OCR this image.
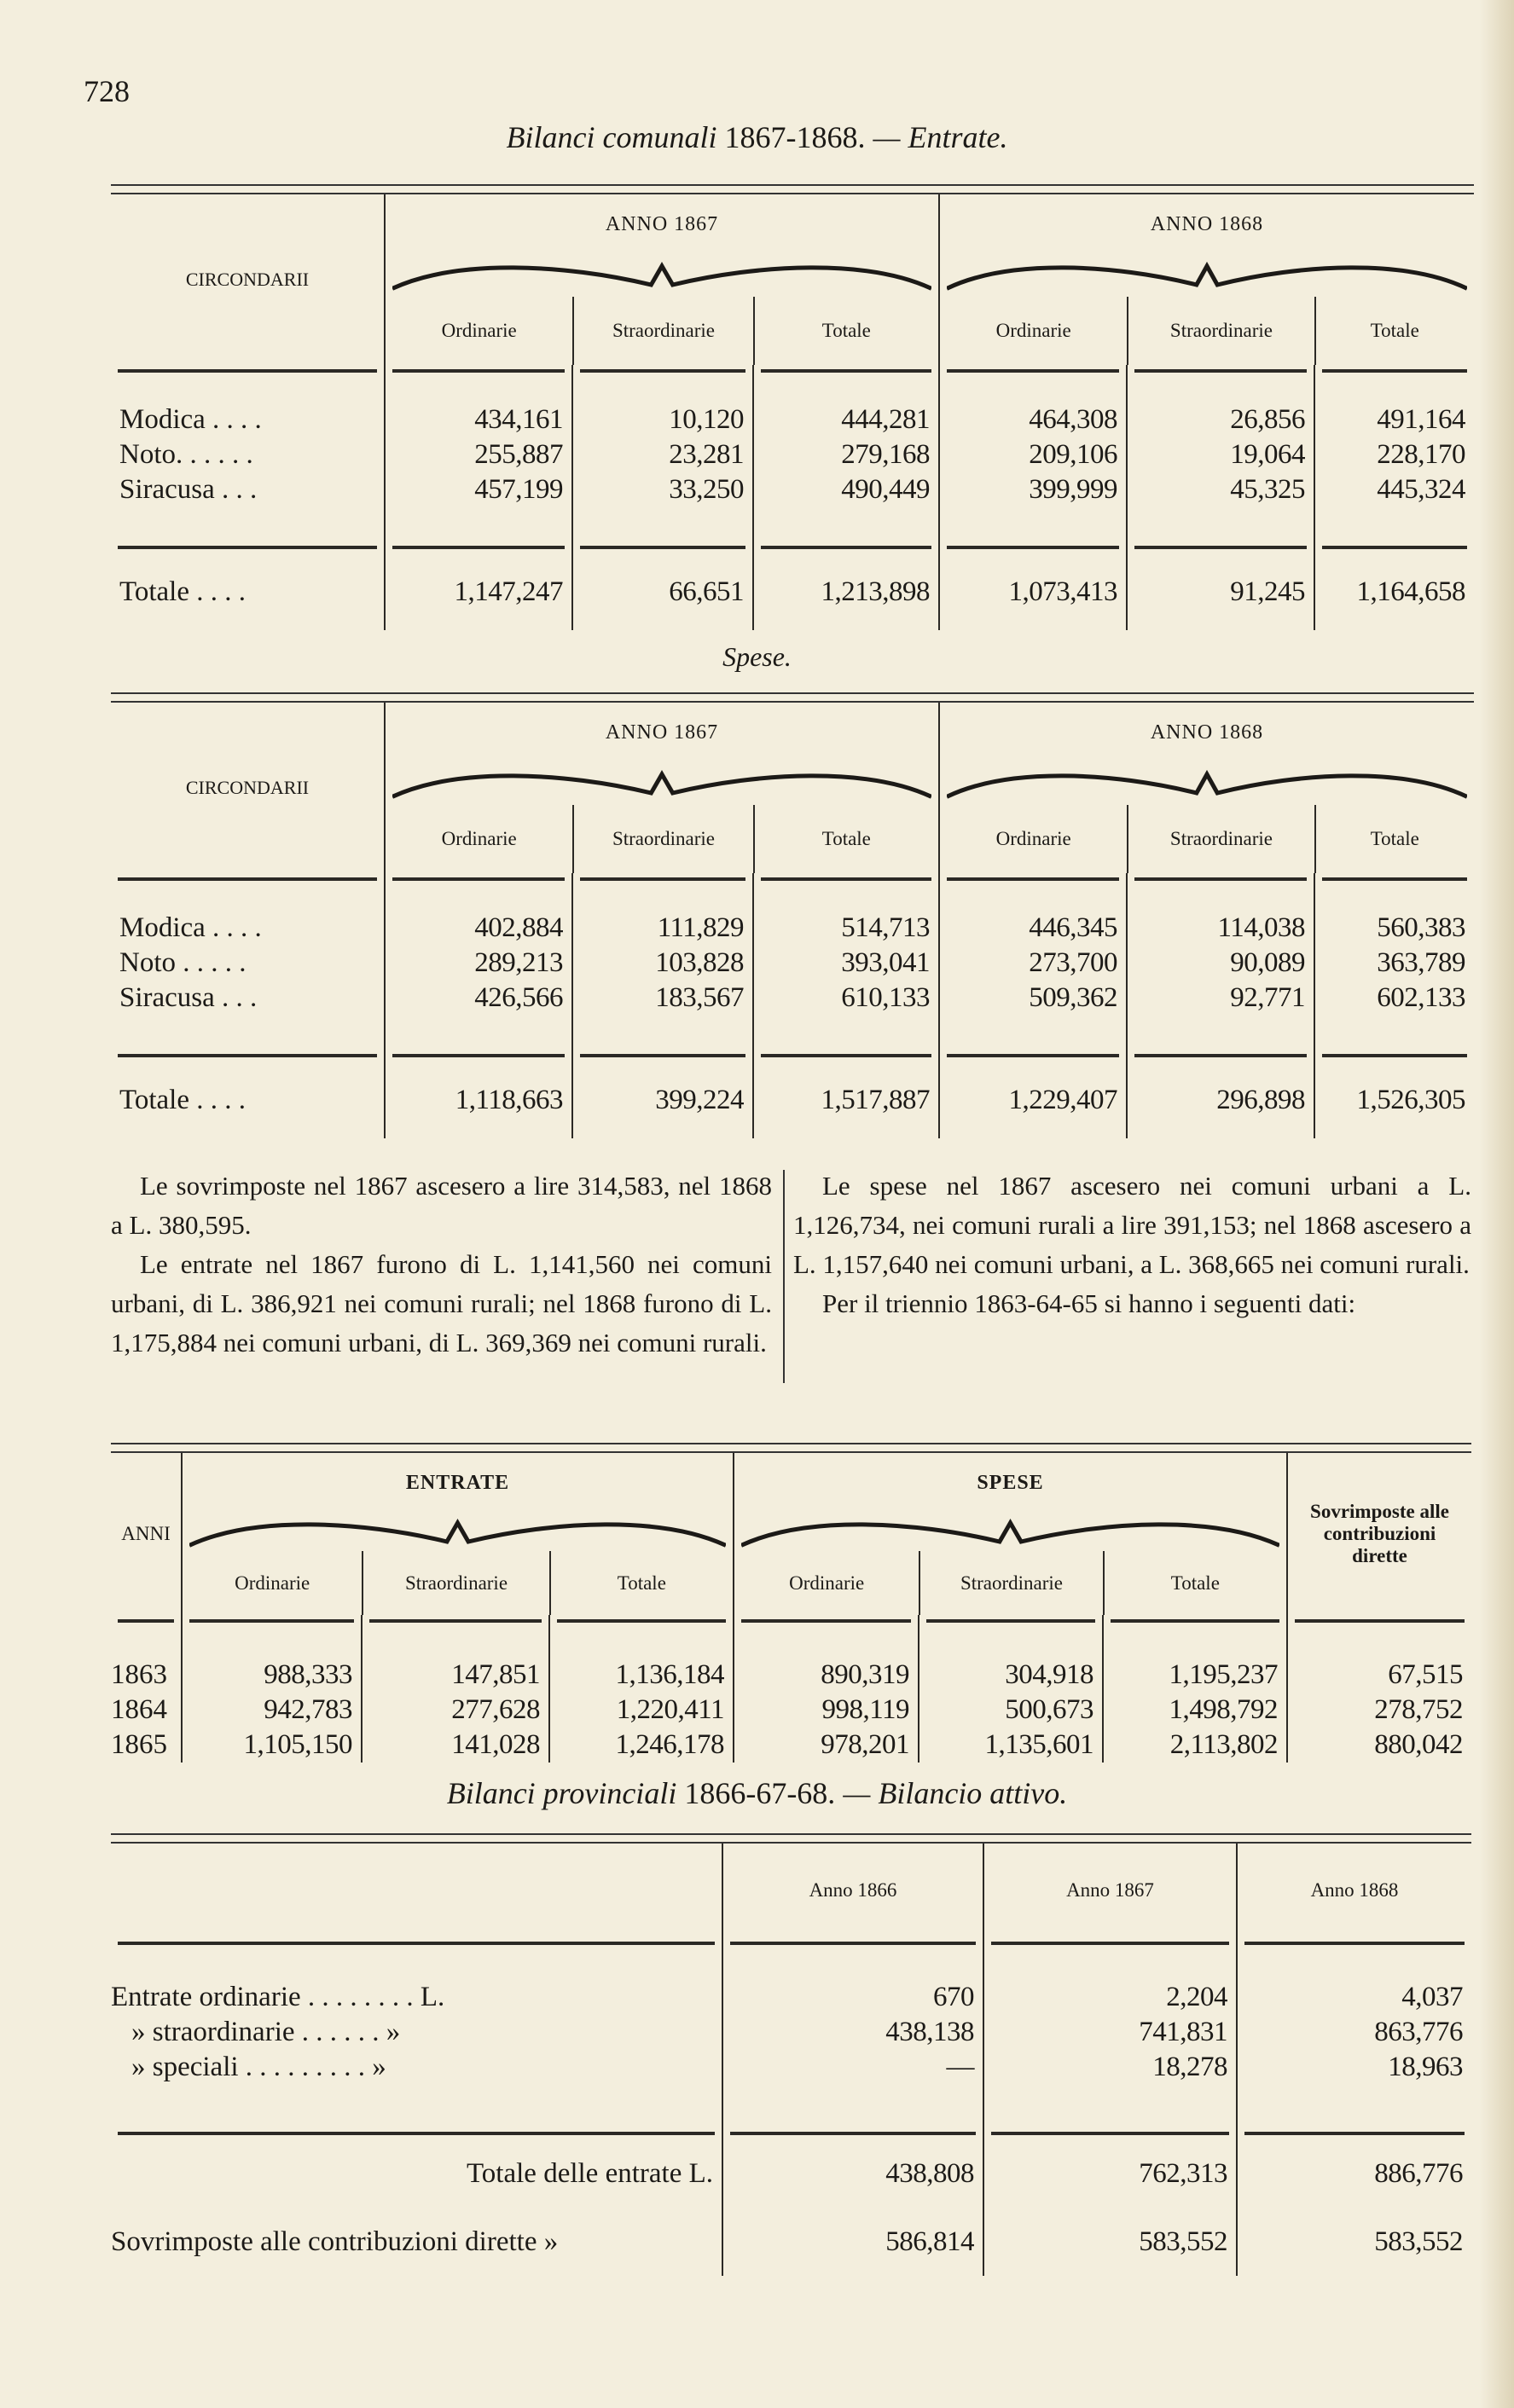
728
Bilanci comunali 1867-1868. — Entrate.
CIRCONDARII
ANNO 1867
Ordinarie	Straordinarie	Totale
ANNO 1868
Ordinarie	Straordinarie	Totale
Modica . . . .	434,161	10,120	444,281	464,308	26,856	491,164
Noto. . . . . .	255,887	23,281	279,168	209,106	19,064	228,170
Siracusa . . .	457,199	33,250	490,449	399,999	45,325	445,324
Totale . . . .	1,147,247	66,651	1,213,898	1,073,413	91,245	1,164,658
Spese.
CIRCONDARII
ANNO 1867
Ordinarie	Straordinarie	Totale
ANNO 1868
Ordinarie	Straordinarie	Totale
Modica . . . .	402,884	111,829	514,713	446,345	114,038	560,383
Noto . . . . .	289,213	103,828	393,041	273,700	90,089	363,789
Siracusa . . .	426,566	183,567	610,133	509,362	92,771	602,133
Totale . . . .	1,118,663	399,224	1,517,887	1,229,407	296,898	1,526,305

Le sovrimposte nel 1867 ascesero a lire 314,583, nel 1868 a L. 380,595.

Le entrate nel 1867 furono di L. 1,141,560 nei comuni urbani, di L. 386,921 nei comuni rurali; nel 1868 furono di L. 1,175,884 nei comuni urbani, di L. 369,369 nei comuni rurali.

Le spese nel 1867 ascesero nei comuni urbani a L. 1,126,734, nei comuni rurali a lire 391,153; nel 1868 ascesero a L. 1,157,640 nei comuni urbani, a L. 368,665 nei comuni rurali.

Per il triennio 1863-64-65 si hanno i seguenti dati:

ANNI
ENTRATE
Ordinarie	Straordinarie	Totale
SPESE
Ordinarie	Straordinarie	Totale
Sovrimposte alle contribuzioni dirette
1863	988,333	147,851	1,136,184	890,319	304,918	1,195,237	67,515
1864	942,783	277,628	1,220,411	998,119	500,673	1,498,792	278,752
1865	1,105,150	141,028	1,246,178	978,201	1,135,601	2,113,802	880,042
Bilanci provinciali 1866-67-68. — Bilancio attivo.
Anno 1866	Anno 1867	Anno 1868
Entrate ordinarie . . . . . . . . L.	670	2,204	4,037
» straordinarie . . . . . . »	438,138	741,831	863,776
» speciali . . . . . . . . . »	—	18,278	18,963
Totale delle entrate L.	438,808	762,313	886,776
Sovrimposte alle contribuzioni dirette »	586,814	583,552	583,552
